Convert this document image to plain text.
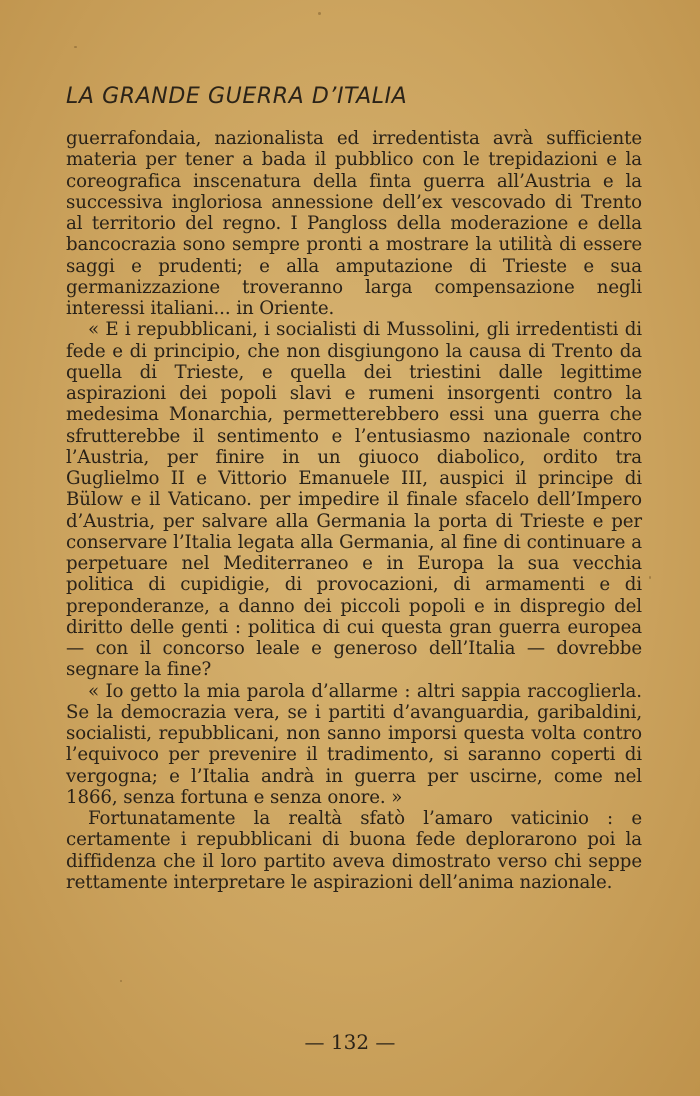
LA GRANDE GUERRA D’ITALIA

guerrafondaia, nazionalista ed irredentista avrà sufficiente materia per tener a bada il pubblico con le trepidazioni e la coreografica inscenatura della finta guerra all’Austria e la successiva ingloriosa annessione dell’ex vescovado di Trento al territorio del regno. I Pangloss della moderazione e della bancocrazia sono sempre pronti a mostrare la utilità di essere saggi e prudenti; e alla amputazione di Trieste e sua germanizzazione troveranno larga compensazione negli interessi italiani... in Oriente.

« E i repubblicani, i socialisti di Mussolini, gli irredentisti di fede e di principio, che non disgiungono la causa di Trento da quella di Trieste, e quella dei triestini dalle legittime aspirazioni dei popoli slavi e rumeni insorgenti contro la medesima Monarchia, permetterebbero essi una guerra che sfrutterebbe il sentimento e l’entusiasmo nazionale contro l’Austria, per finire in un giuoco diabolico, ordito tra Guglielmo II e Vittorio Emanuele III, auspici il principe di Bülow e il Vaticano. per impedire il finale sfacelo dell’Impero d’Austria, per salvare alla Germania la porta di Trieste e per conservare l’Italia legata alla Germania, al fine di continuare a perpetuare nel Mediterraneo e in Europa la sua vecchia politica di cupidigie, di provocazioni, di armamenti e di preponderanze, a danno dei piccoli popoli e in dispregio del diritto delle genti : politica di cui questa gran guerra europea — con il concorso leale e generoso dell’Italia — dovrebbe segnare la fine?

« Io getto la mia parola d’allarme : altri sappia raccoglierla. Se la democrazia vera, se i partiti d’avanguardia, garibaldini, socialisti, repubblicani, non sanno imporsi questa volta contro l’equivoco per prevenire il tradimento, si saranno coperti di vergogna; e l’Italia andrà in guerra per uscirne, come nel 1866, senza fortuna e senza onore. »

Fortunatamente la realtà sfatò l’amaro vaticinio : e certamente i repubblicani di buona fede deplorarono poi la diffidenza che il loro partito aveva dimostrato verso chi seppe rettamente interpretare le aspirazioni dell’anima nazionale.

— 132 —
